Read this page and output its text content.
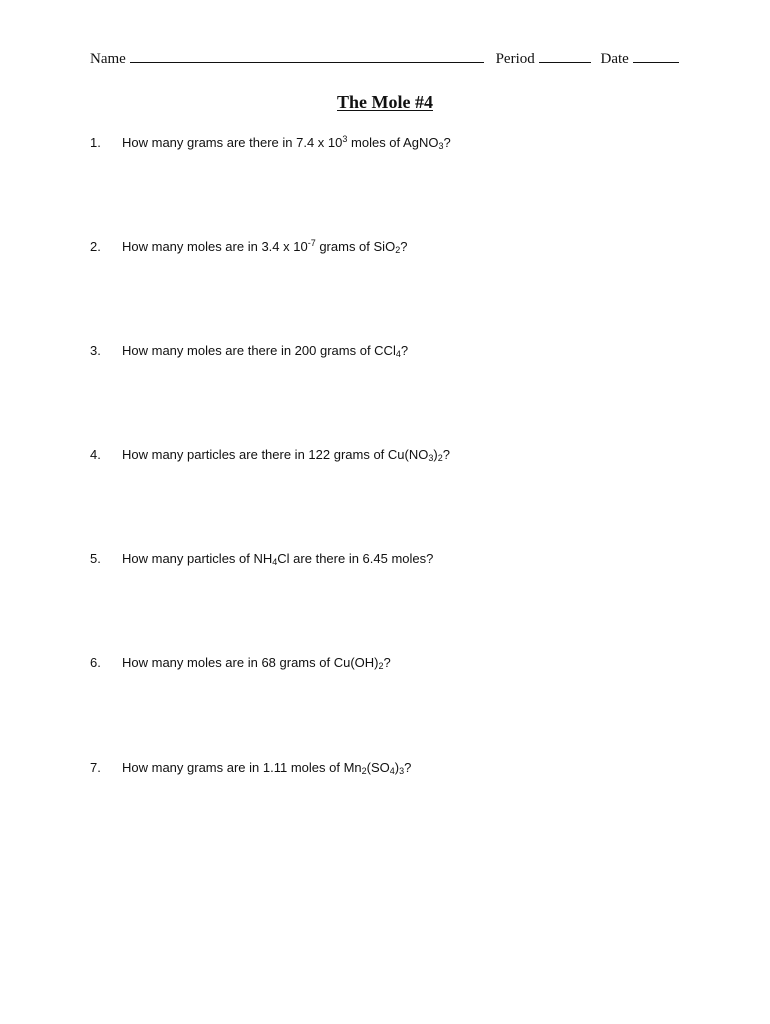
Name	Period	Date
The Mole #4
1. How many grams are there in 7.4 x $10^3$ moles of AgNO$_3$?
2. How many moles are in 3.4 x $10^{-7}$ grams of SiO$_2$?
3. How many moles are there in 200 grams of CCl$_4$?
4. How many particles are there in 122 grams of $Cu(NO_3)_2$?
5. How many particles of $NH_4Cl$ are there in 6.45 moles?
6. How many moles are in 68 grams of $Cu(OH)_2$?
7. How many grams are in 1.11 moles of $Mn_2(SO_4)_3$?
